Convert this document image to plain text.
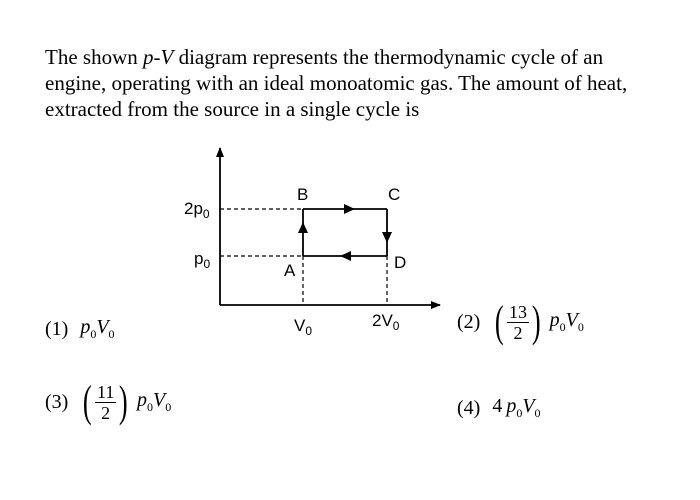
The shown p-V diagram represents the thermodynamic cycle of an engine, operating with an ideal monoatomic gas. The amount of heat, extracted from the source in a single cycle is
B	C
A	D
$2p_0$
$p_0$
$V_0$
$2V_0$
(1) $p_0V_0$
(2) ( $\frac{13}{2}$ ) $p_0V_0$
(3) ( $\frac{11}{2}$ ) $p_0V_0$	(4) 4 $p_0V_0$
